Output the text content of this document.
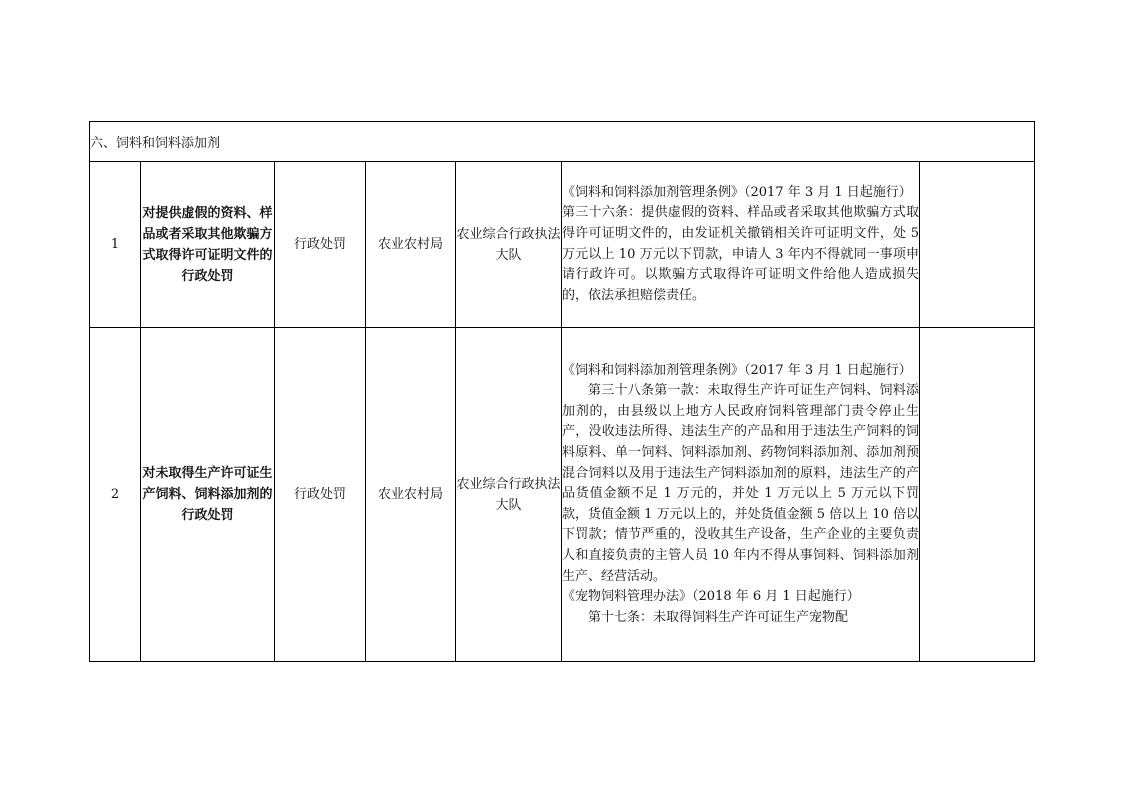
六、饲料和饲料添加剂						
1	对提供虚假的资料、样品或者采取其他欺骗方式取得许可证明文件的行政处罚	行政处罚	农业农村局	农业综合行政执法大队	《饲料和饲料添加剂管理条例》（2017 年 3 月 1 日起施行）

第三十六条：提供虚假的资料、样品或者采取其他欺骗方式取得许可证明文件的，由发证机关撤销相关许可证明文件，处 5 万元以上 10 万元以下罚款，申请人 3 年内不得就同一事项申请行政许可。以欺骗方式取得许可证明文件给他人造成损失的，依法承担赔偿责任。	

2	对未取得生产许可证生产饲料、饲料添加剂的行政处罚	行政处罚	农业农村局	农业综合行政执法大队	《饲料和饲料添加剂管理条例》（2017 年 3 月 1 日起施行）

第三十八条第一款：未取得生产许可证生产饲料、饲料添加剂的，由县级以上地方人民政府饲料管理部门责令停止生产，没收违法所得、违法生产的产品和用于违法生产饲料的饲料原料、单一饲料、饲料添加剂、药物饲料添加剂、添加剂预混合饲料以及用于违法生产饲料添加剂的原料，违法生产的产品货值金额不足 1 万元的，并处 1 万元以上 5 万元以下罚款，货值金额 1 万元以上的，并处货值金额 5 倍以上 10 倍以下罚款；情节严重的，没收其生产设备，生产企业的主要负责人和直接负责的主管人员 10 年内不得从事饲料、饲料添加剂生产、经营活动。

《宠物饲料管理办法》（2018 年 6 月 1 日起施行）

第十七条：未取得饲料生产许可证生产宠物配	
